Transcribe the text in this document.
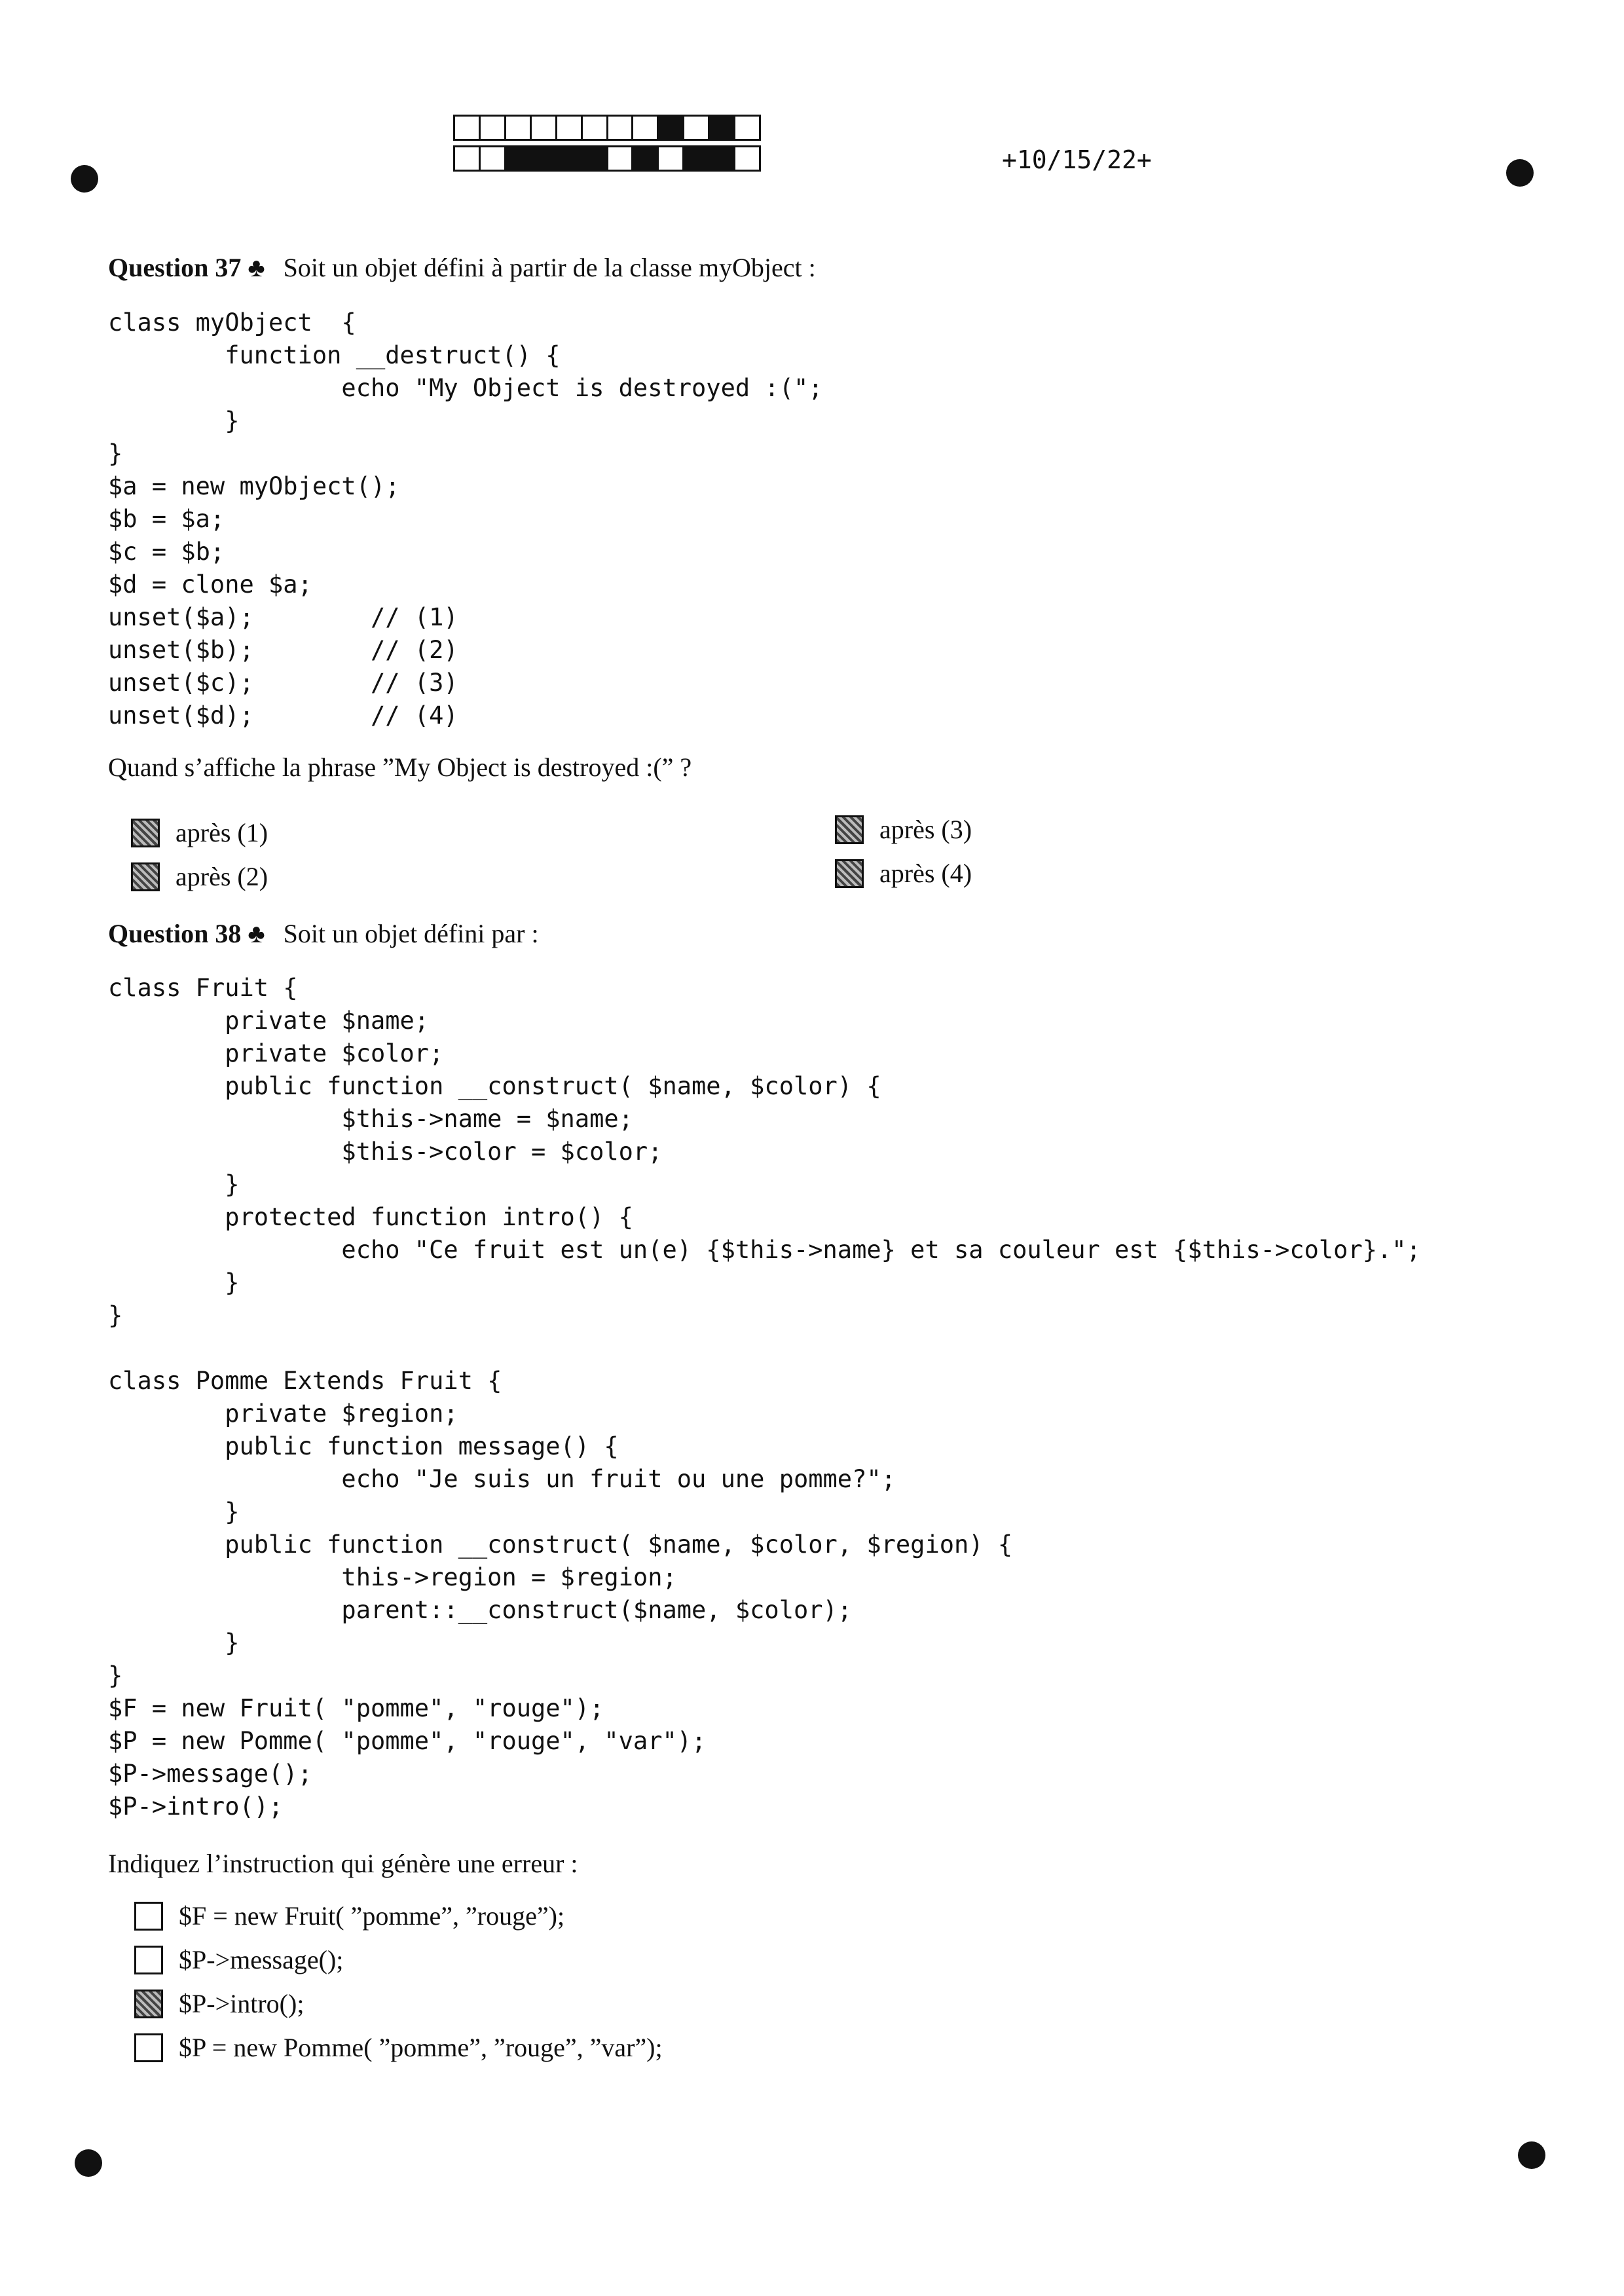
+10/15/22+
Question 37 ♣ Soit un objet défini à partir de la classe myObject :
class myObject  {
function __destruct() {
echo "My Object is destroyed :(";
}
}
$a = new myObject();
$b = $a;
$c = $b;
$d = clone $a;
unset($a);        // (1)
unset($b);        // (2)
unset($c);        // (3)
unset($d);        // (4)
Quand s’affiche la phrase ”My Object is destroyed :(” ?
après (1)
après (2)
après (3)
après (4)
Question 38 ♣ Soit un objet défini par :
class Fruit {
private $name;
private $color;
public function __construct( $name, $color) {
$this->name = $name;
$this->color = $color;
}
protected function intro() {
echo "Ce fruit est un(e) {$this->name} et sa couleur est {$this->color}.";
}
}

class Pomme Extends Fruit {
private $region;
public function message() {
echo "Je suis un fruit ou une pomme?";
}
public function __construct( $name, $color, $region) {
this->region = $region;
parent::__construct($name, $color);
}
}
$F = new Fruit( "pomme", "rouge");
$P = new Pomme( "pomme", "rouge", "var");
$P->message();
$P->intro();
Indiquez l’instruction qui génère une erreur :
$F = new Fruit( ”pomme”, ”rouge”);
$P->message();
$P->intro();
$P = new Pomme( ”pomme”, ”rouge”, ”var”);
